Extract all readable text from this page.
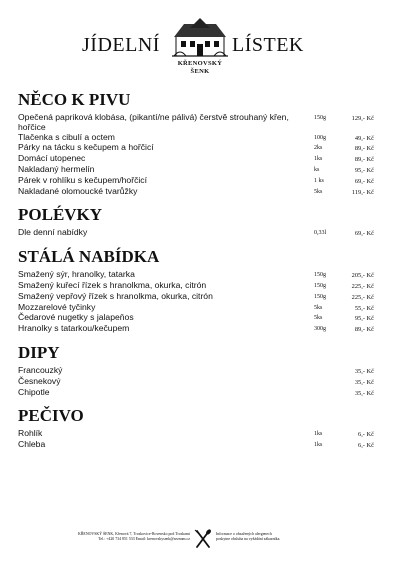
JÍDELNÍ
KŘENOVSKÝ
ŠENK
LÍSTEK
NĚCO K PIVU
Opečená papriková klobása, (pikantí/ne pálivá) čerstvě strouhaný křen, hořčice
150g	129,- Kč
Tlačenka s cibulí a octem	100g	49,- Kč
Párky na tácku s kečupem a hořčicí	2ks	89,- Kč
Domácí utopenec	1ks	89,- Kč
Nakladaný hermelín	ks	95,- Kč
Párek v rohlíku s kečupem/hořčicí	1 ks	69,- Kč
Nakladané olomoucké tvarůžky	5ks	119,- Kč
POLÉVKY
Dle denní nabídky	0,33l	69,- Kč
STÁLÁ NABÍDKA
Smažený sýr, hranolky, tatarka	150g	205,- Kč
Smažený kuřecí řízek s hranolkma, okurka, citrón	150g	225,- Kč
Smažený vepřový řízek s hranolkma, okurka, citrón	150g	225,- Kč
Mozzarelové tyčinky	5ks	55,- Kč
Čedarové nugetky s jalapeňos	5ks	95,- Kč
Hranolky s tatarkou/kečupem	300g	89,- Kč
DIPY
Francouzký	35,- Kč
Česnekový	35,- Kč
Chipotle	35,- Kč
PEČIVO
Rohlík	1ks	6,- Kč
Chleba	1ks	6,- Kč
KŘENOVSKÝ ŠENK, Křenová 7, Troskovice-Rovensko pod Troskami
Tel.: +420 734 851 533 Email: krenovskysenk@seznam.cz
Informace o obsažených alergenech
poskytne obsluha na vyžádání zákazníka.
